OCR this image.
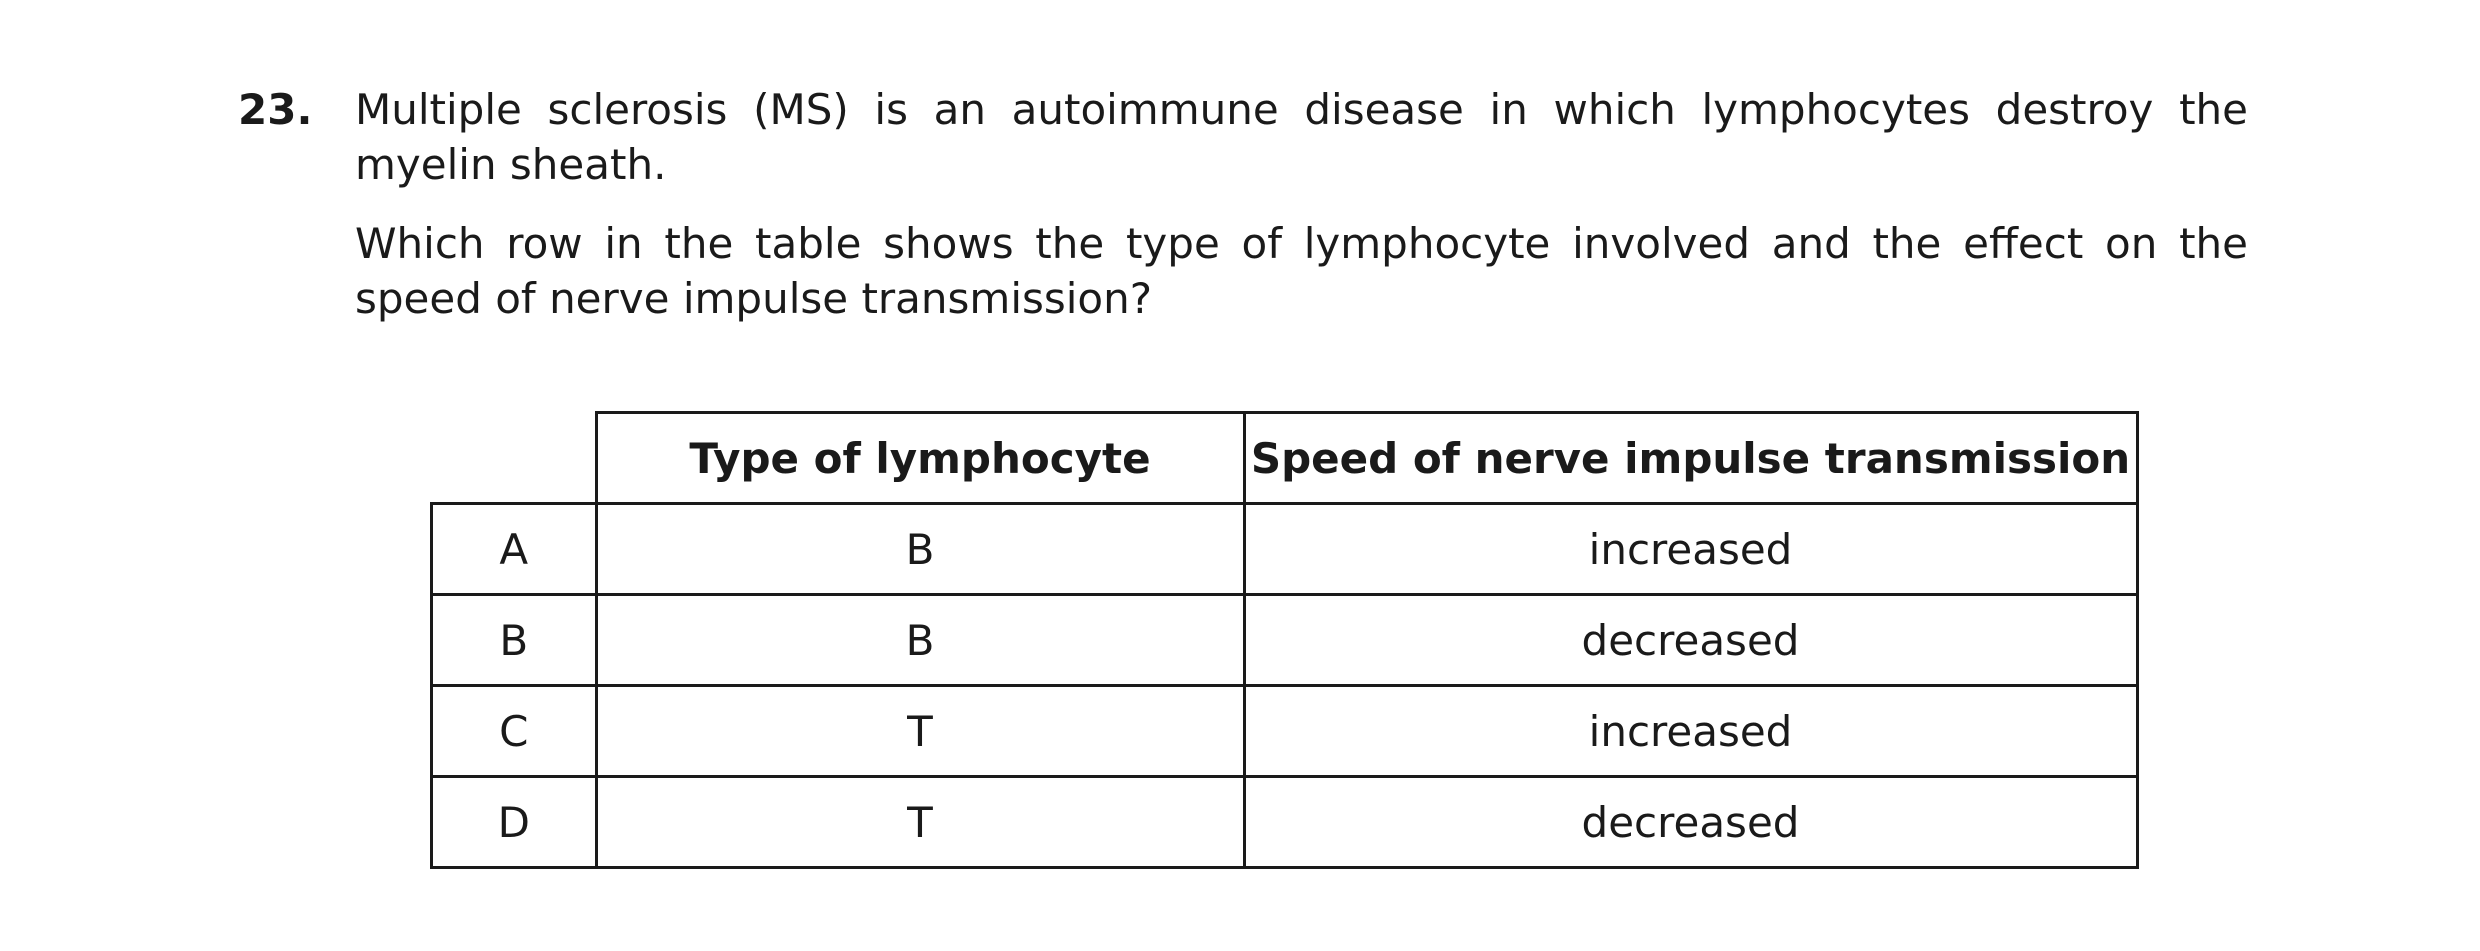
23. Multiple sclerosis (MS) is an autoimmune disease in which lymphocytes destroy the myelin sheath.

Which row in the table shows the type of lymphocyte involved and the effect on the speed of nerve impulse transmission?

	Type of lymphocyte	Speed of nerve impulse transmission
A	B	increased
B	B	decreased
C	T	increased
D	T	decreased
